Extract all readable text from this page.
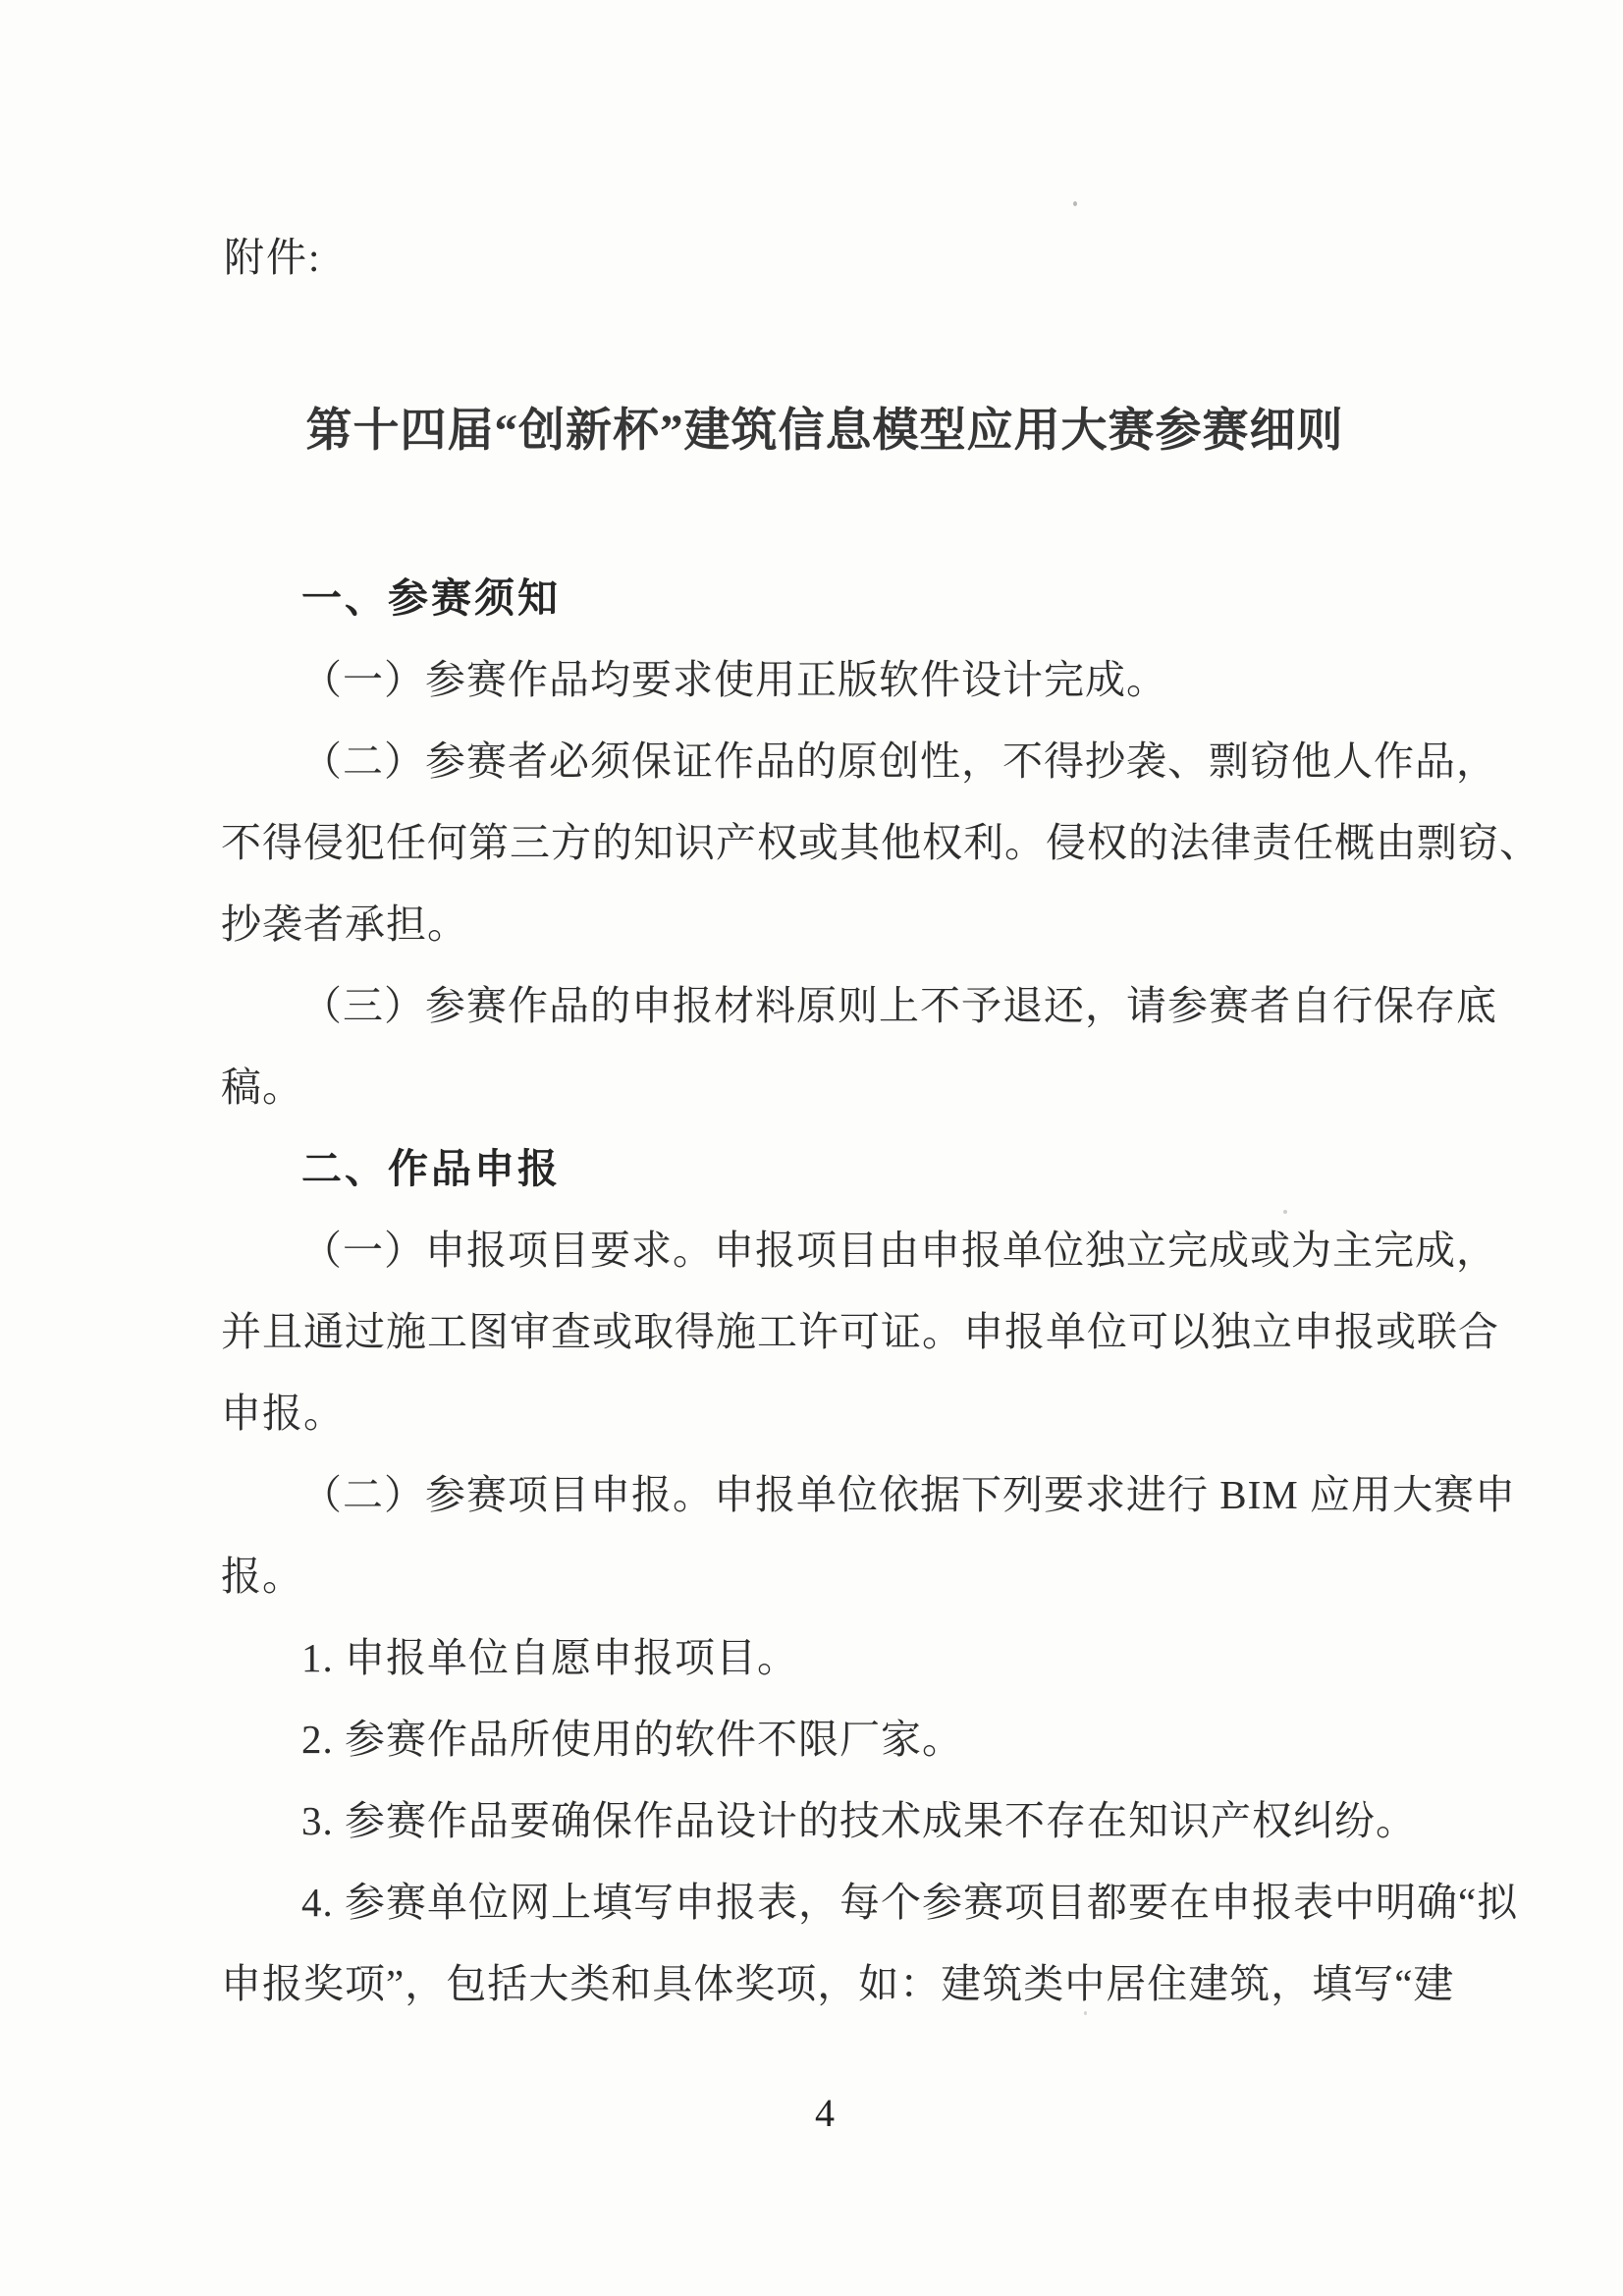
附件:
第十四届“创新杯”建筑信息模型应用大赛参赛细则
一、参赛须知
（一）参赛作品均要求使用正版软件设计完成。
（二）参赛者必须保证作品的原创性，不得抄袭、剽窃他人作品，
不得侵犯任何第三方的知识产权或其他权利。侵权的法律责任概由剽窃、
抄袭者承担。
（三）参赛作品的申报材料原则上不予退还，请参赛者自行保存底
稿。
二、作品申报
（一）申报项目要求。申报项目由申报单位独立完成或为主完成，
并且通过施工图审查或取得施工许可证。申报单位可以独立申报或联合
申报。
（二）参赛项目申报。申报单位依据下列要求进行 BIM 应用大赛申
报。
1. 申报单位自愿申报项目。
2. 参赛作品所使用的软件不限厂家。
3. 参赛作品要确保作品设计的技术成果不存在知识产权纠纷。
4. 参赛单位网上填写申报表，每个参赛项目都要在申报表中明确“拟
申报奖项”，包括大类和具体奖项，如：建筑类中居住建筑，填写“建
4
